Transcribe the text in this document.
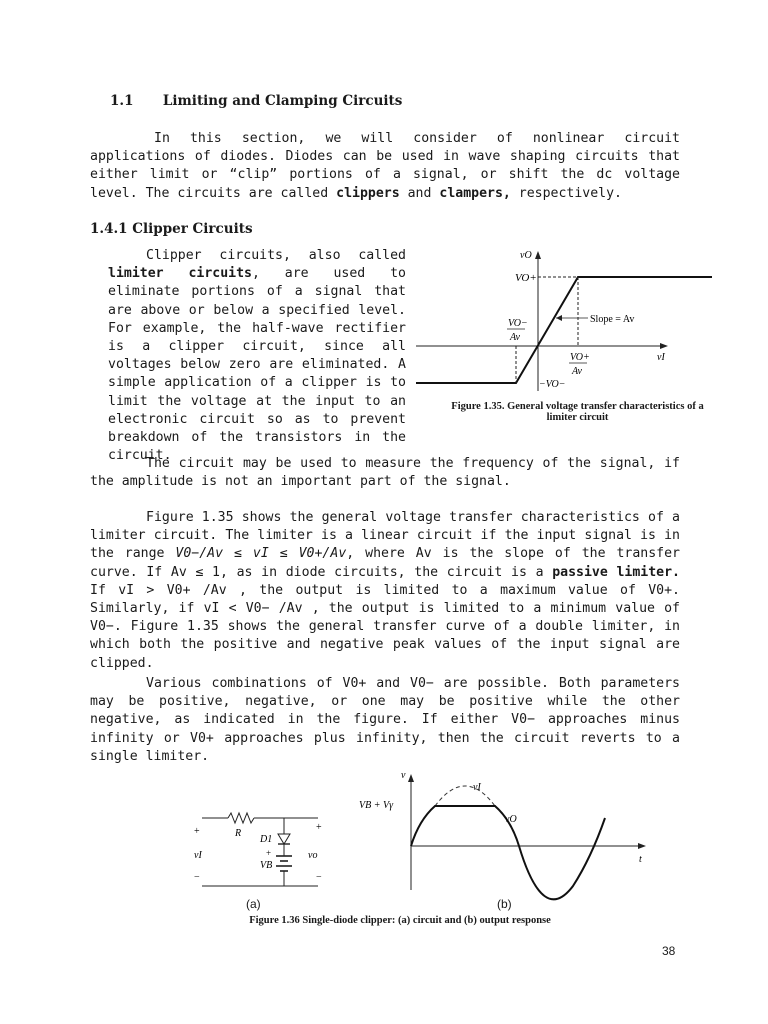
1.1 Limiting and Clamping Circuits
In this section, we will consider of nonlinear circuit applications of diodes. Diodes can be used in wave shaping circuits that either limit or “clip” portions of a signal, or shift the dc voltage level. The circuits are called clippers and clampers, respectively.
1.4.1 Clipper Circuits
Clipper circuits, also called limiter circuits, are used to eliminate portions of a signal that are above or below a specified level. For example, the half-wave rectifier is a clipper circuit, since all voltages below zero are eliminated. A simple application of a clipper is to limit the voltage at the input to an electronic circuit so as to prevent breakdown of the transistors in the circuit.
vO
VO+
VO−
Av
Slope = Av
VO+
Av
−VO−
vI
Figure 1.35. General voltage transfer characteristics of a
limiter circuit
The circuit may be used to measure the frequency of the signal, if the amplitude is not an important part of the signal.
Figure 1.35 shows the general voltage transfer characteristics of a limiter circuit. The limiter is a linear circuit if the input signal is in the range V0−/Av ≤ vI ≤ V0+/Av, where Av is the slope of the transfer curve. If Av ≤ 1, as in diode circuits, the circuit is a passive limiter. If vI > V0+ /Av , the output is limited to a maximum value of V0+. Similarly, if vI < V0− /Av , the output is limited to a minimum value of V0−. Figure 1.35 shows the general transfer curve of a double limiter, in which both the positive and negative peak values of the input signal are clipped.
Various combinations of V0+ and V0− are possible. Both parameters may be positive, negative, or one may be positive while the other negative, as indicated in the figure. If either V0− approaches minus infinity or V0+ approaches plus infinity, then the circuit reverts to a single limiter.
+	+
−	−
R
D1
vI	vo
+
VB
(a)
v
t
vI
vO
VB + Vγ
(b)
Figure 1.36 Single-diode clipper: (a) circuit and (b) output response
38
